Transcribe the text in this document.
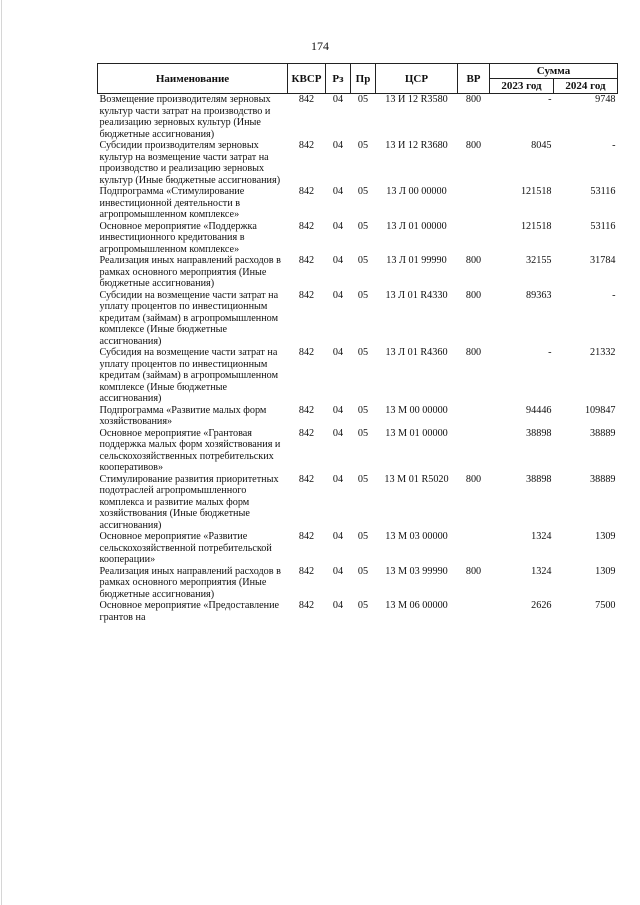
174
Наименование	КВСР	Рз	Пр	ЦСР	ВР	Сумма	
						2023 год	2024 год
Возмещение производителям зерновых культур части затрат на производство и реализацию зерновых культур (Иные бюджетные ассигнования)	842	04	05	13 И 12 R3580	800	-	9748
Субсидии производителям зерновых культур на возмещение части затрат на производство и реализацию зерновых культур (Иные бюджетные ассигнования)	842	04	05	13 И 12 R3680	800	8045	-
Подпрограмма «Стимулирование инвестиционной деятельности в агропромышленном комплексе»	842	04	05	13 Л 00 00000		121518	53116
Основное мероприятие «Поддержка инвестиционного кредитования в агропромышленном комплексе»	842	04	05	13 Л 01 00000		121518	53116
Реализация иных направлений расходов в рамках основного мероприятия (Иные бюджетные ассигнования)	842	04	05	13 Л 01 99990	800	32155	31784
Субсидии на возмещение части затрат на уплату процентов по инвестиционным кредитам (займам) в агропромышленном комплексе (Иные бюджетные ассигнования)	842	04	05	13 Л 01 R4330	800	89363	-
Субсидия на возмещение части затрат на уплату процентов по инвестиционным кредитам (займам) в агропромышленном комплексе (Иные бюджетные ассигнования)	842	04	05	13 Л 01 R4360	800	-	21332
Подпрограмма «Развитие малых форм хозяйствования»	842	04	05	13 М 00 00000		94446	109847
Основное мероприятие «Грантовая поддержка малых форм хозяйствования и сельскохозяйственных потребительских кооперативов»	842	04	05	13 М 01 00000		38898	38889
Стимулирование развития приоритетных подотраслей агропромышленного комплекса и развитие малых форм хозяйствования (Иные бюджетные ассигнования)	842	04	05	13 М 01 R5020	800	38898	38889
Основное мероприятие «Развитие сельскохозяйственной потребительской кооперации»	842	04	05	13 М 03 00000		1324	1309
Реализация иных направлений расходов в рамках основного мероприятия (Иные бюджетные ассигнования)	842	04	05	13 М 03 99990	800	1324	1309
Основное мероприятие «Предоставление грантов на	842	04	05	13 М 06 00000		2626	7500
